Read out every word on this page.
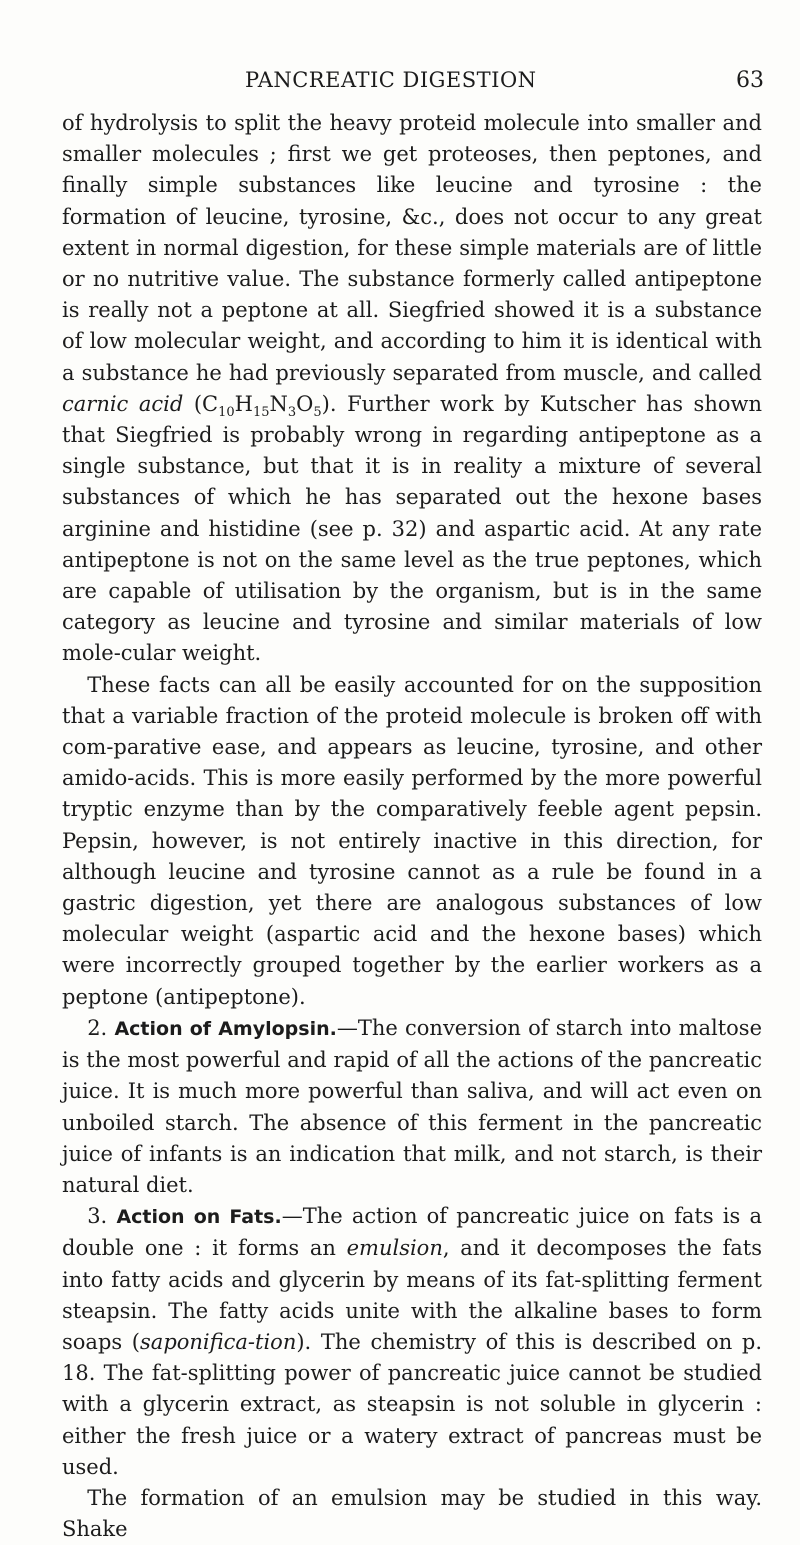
PANCREATIC DIGESTION	63

of hydrolysis to split the heavy proteid molecule into smaller and smaller molecules ; first we get proteoses, then peptones, and finally simple substances like leucine and tyrosine : the formation of leucine, tyrosine, &c., does not occur to any great extent in normal digestion, for these simple materials are of little or no nutritive value. The substance formerly called antipeptone is really not a peptone at all. Siegfried showed it is a substance of low molecular weight, and according to him it is identical with a substance he had previously separated from muscle, and called carnic acid $(C_{10}H_{15}N_3O_5)$. Further work by Kutscher has shown that Siegfried is probably wrong in regarding antipeptone as a single substance, but that it is in reality a mixture of several substances of which he has separated out the hexone bases arginine and histidine (see p. 32) and aspartic acid. At any rate antipeptone is not on the same level as the true peptones, which are capable of utilisation by the organism, but is in the same category as leucine and tyrosine and similar materials of low mole-cular weight.

These facts can all be easily accounted for on the supposition that a variable fraction of the proteid molecule is broken off with com-parative ease, and appears as leucine, tyrosine, and other amido-acids. This is more easily performed by the more powerful tryptic enzyme than by the comparatively feeble agent pepsin. Pepsin, however, is not entirely inactive in this direction, for although leucine and tyrosine cannot as a rule be found in a gastric digestion, yet there are analogous substances of low molecular weight (aspartic acid and the hexone bases) which were incorrectly grouped together by the earlier workers as a peptone (antipeptone).

2. Action of Amylopsin.—The conversion of starch into maltose is the most powerful and rapid of all the actions of the pancreatic juice. It is much more powerful than saliva, and will act even on unboiled starch. The absence of this ferment in the pancreatic juice of infants is an indication that milk, and not starch, is their natural diet.

3. Action on Fats.—The action of pancreatic juice on fats is a double one : it forms an emulsion, and it decomposes the fats into fatty acids and glycerin by means of its fat-splitting ferment steapsin. The fatty acids unite with the alkaline bases to form soaps (saponifica-tion). The chemistry of this is described on p. 18. The fat-splitting power of pancreatic juice cannot be studied with a glycerin extract, as steapsin is not soluble in glycerin : either the fresh juice or a watery extract of pancreas must be used.

The formation of an emulsion may be studied in this way. Shake
